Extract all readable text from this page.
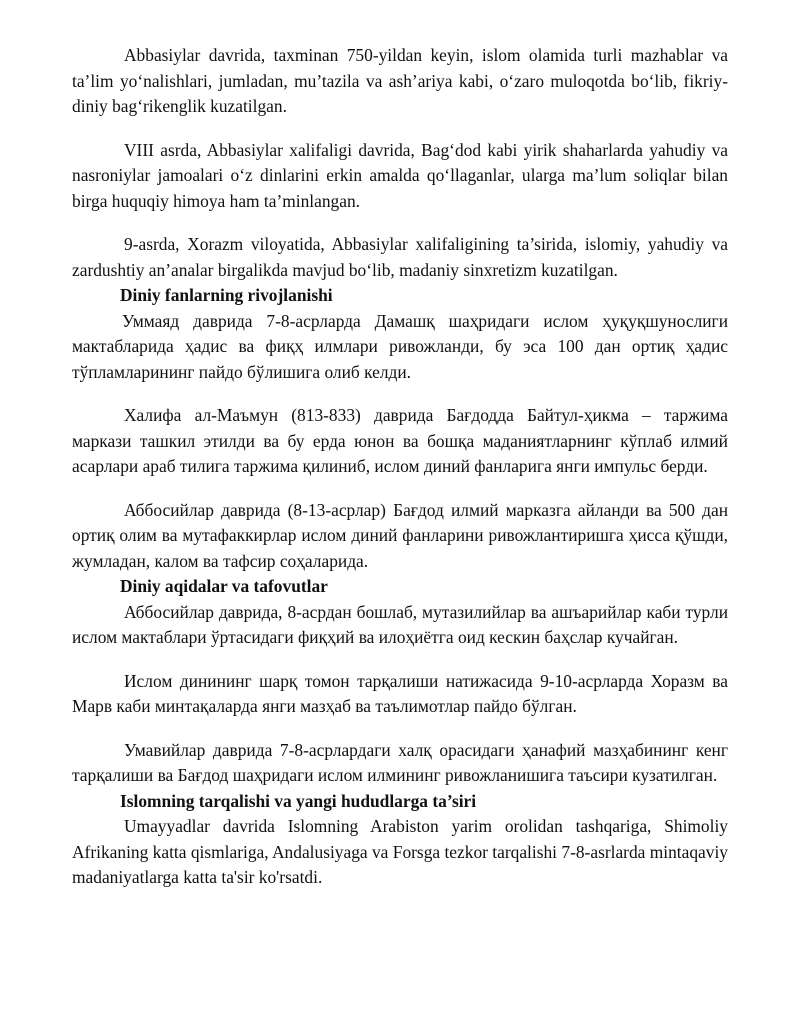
Abbasiylar davrida, taxminan 750-yildan keyin, islom olamida turli mazhablar va ta’lim yo‘nalishlari, jumladan, mu’tazila va ash’ariya kabi, o‘zaro muloqotda bo‘lib, fikriy-diniy bag‘rikenglik kuzatilgan.

VIII asrda, Abbasiylar xalifaligi davrida, Bag‘dod kabi yirik shaharlarda yahudiy va nasroniylar jamoalari o‘z dinlarini erkin amalda qo‘llaganlar, ularga ma’lum soliqlar bilan birga huquqiy himoya ham ta’minlangan.

9-asrda, Xorazm viloyatida, Abbasiylar xalifaligining ta’sirida, islomiy, yahudiy va zardushtiy an’analar birgalikda mavjud bo‘lib, madaniy sinxretizm kuzatilgan.

Diniy fanlarning rivojlanishi

Уммаяд даврида 7-8-асрларда Дамашқ шаҳридаги ислом ҳуқуқшунослиги мактабларида ҳадис ва фиқҳ илмлари ривожланди, бу эса 100 дан ортиқ ҳадис тўпламларининг пайдо бўлишига олиб келди.

Халифа ал-Маъмун (813-833) даврида Бағдодда Байтул-ҳикма – таржима маркази ташкил этилди ва бу ерда юнон ва бошқа маданиятларнинг кўплаб илмий асарлари араб тилига таржима қилиниб, ислом диний фанларига янги импульс берди.

Аббосийлар даврида (8-13-асрлар) Бағдод илмий марказга айланди ва 500 дан ортиқ олим ва мутафаккирлар ислом диний фанларини ривожлантиришга ҳисса қўшди, жумладан, калом ва тафсир соҳаларида.

Diniy aqidalar va tafovutlar

Аббосийлар даврида, 8-асрдан бошлаб, мутазилийлар ва ашъарийлар каби турли ислом мактаблари ўртасидаги фиқҳий ва илоҳиётга оид кескин баҳслар кучайган.

Ислом динининг шарқ томон тарқалиши натижасида 9-10-асрларда Хоразм ва Марв каби минтақаларда янги мазҳаб ва таълимотлар пайдо бўлган.

Умавийлар даврида 7-8-асрлардаги халқ орасидаги ҳанафий мазҳабининг кенг тарқалиши ва Бағдод шаҳридаги ислом илмининг ривожланишига таъсири кузатилган.

Islomning tarqalishi va yangi hududlarga ta’siri

Umayyadlar davrida Islomning Arabiston yarim orolidan tashqariga, Shimoliy Afrikaning katta qismlariga, Andalusiyaga va Forsga tezkor tarqalishi 7-8-asrlarda mintaqaviy madaniyatlarga katta ta'sir ko'rsatdi.
